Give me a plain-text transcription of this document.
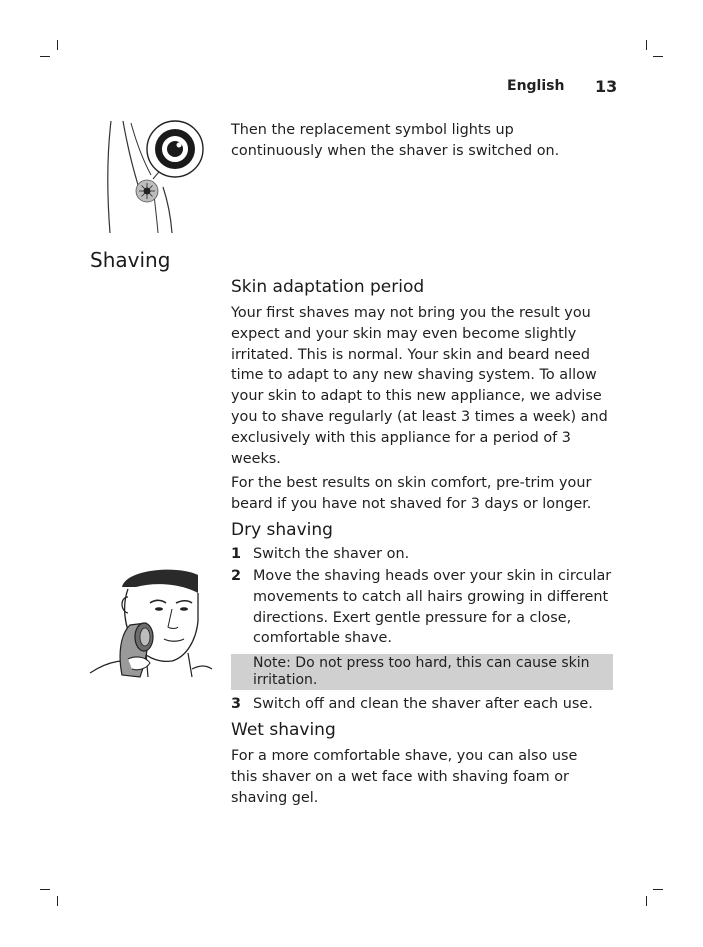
English 13

Then the replacement symbol lights up continuously when the shaver is switched on.

Shaving
Skin adaptation period

Your first shaves may not bring you the result you expect and your skin may even become slightly irritated. This is normal. Your skin and beard need time to adapt to any new shaving system. To allow your skin to adapt to this new appliance, we advise you to shave regularly (at least 3 times a week) and exclusively with this appliance for a period of 3 weeks.

For the best results on skin comfort, pre-trim your beard if you have not shaved for 3 days or longer.

Dry shaving
1 Switch the shaver on.
2 Move the shaving heads over your skin in circular movements to catch all hairs growing in different directions. Exert gentle pressure for a close, comfortable shave.
Note: Do not press too hard, this can cause skin irritation.
3 Switch off and clean the shaver after each use.
Wet shaving

For a more comfortable shave, you can also use this shaver on a wet face with shaving foam or shaving gel.
